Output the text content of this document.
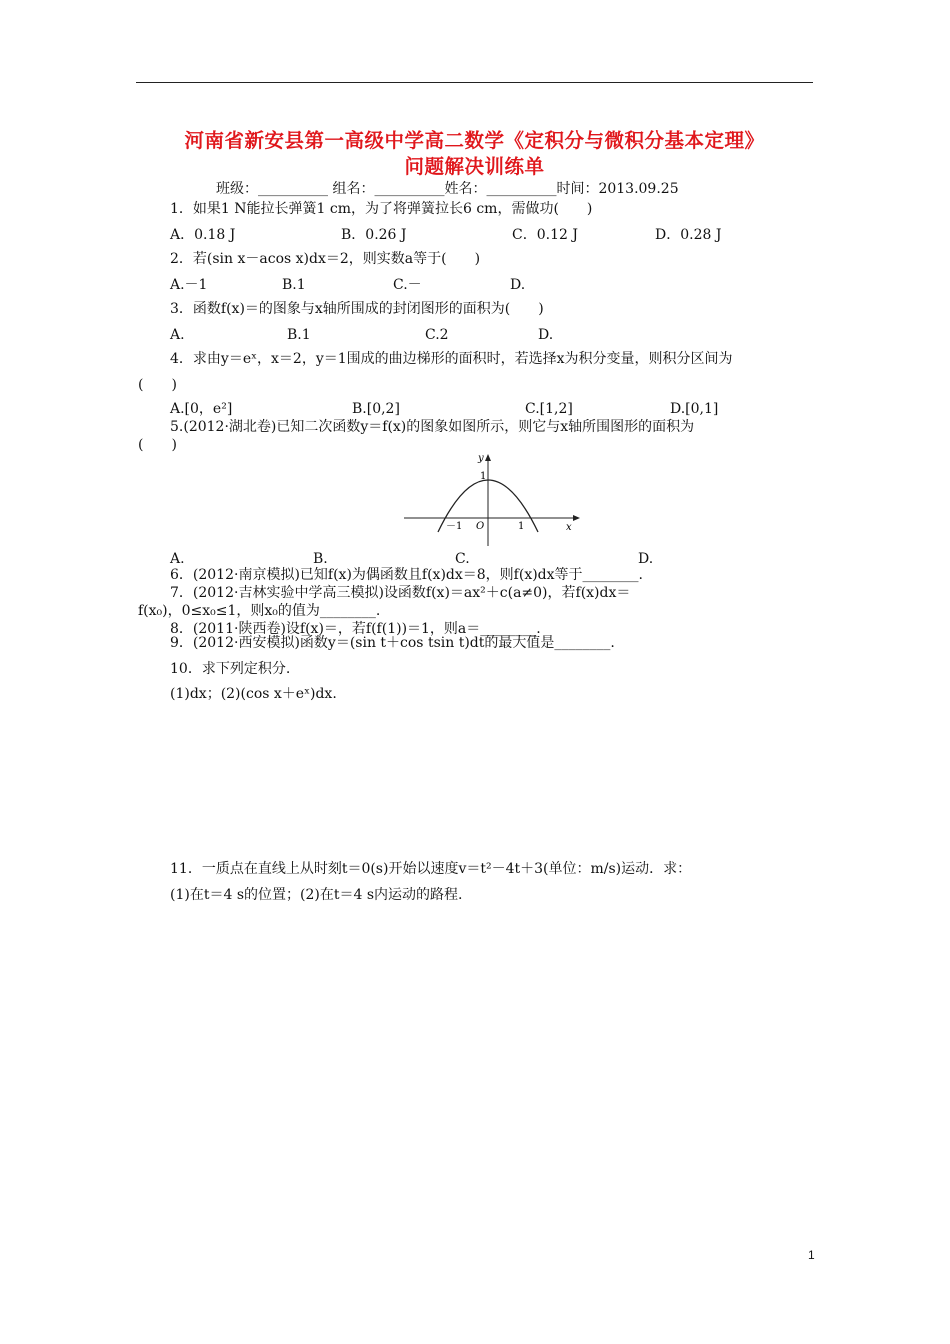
河南省新安县第一高级中学高二数学《定积分与微积分基本定理》
问题解决训练单
班级：__________ 组名：__________姓名：__________时间：2013.09.25
1．如果1 N能拉长弹簧1 cm，为了将弹簧拉长6 cm，需做功(　　)
A．0.18 J	B．0.26 J	C．0.12 J	D．0.28 J
2．若(sin x－acos x)dx＝2，则实数a等于(　　)
A.－1	B.1	C.－	D.
3．函数f(x)＝的图象与x轴所围成的封闭图形的面积为(　　)
A.	B.1	C.2	D.
4．求由y＝eˣ，x＝2，y＝1围成的曲边梯形的面积时，若选择x为积分变量，则积分区间为
(　　)
A.[0，e²]	B.[0,2]	C.[1,2]	D.[0,1]
5.(2012·湖北卷)已知二次函数y＝f(x)的图象如图所示，则它与x轴所围图形的面积为
(　　)
y
x
O
－1	1
1
A.	B.	C.	D.
6．(2012·南京模拟)已知f(x)为偶函数且f(x)dx＝8，则f(x)dx等于________.
7．(2012·吉林实验中学高三模拟)设函数f(x)＝ax²＋c(a≠0)，若f(x)dx＝
f(x₀)，0≤x₀≤1，则x₀的值为________.
8．(2011·陕西卷)设f(x)＝，若f(f(1))＝1，则a＝________.
9．(2012·西安模拟)函数y＝(sin t＋cos tsin t)dt的最大值是________.
10．求下列定积分.
(1)dx；(2)(cos x＋eˣ)dx.
11．一质点在直线上从时刻t＝0(s)开始以速度v＝t²－4t＋3(单位：m/s)运动．求：
(1)在t＝4 s的位置；(2)在t＝4 s内运动的路程.
1
